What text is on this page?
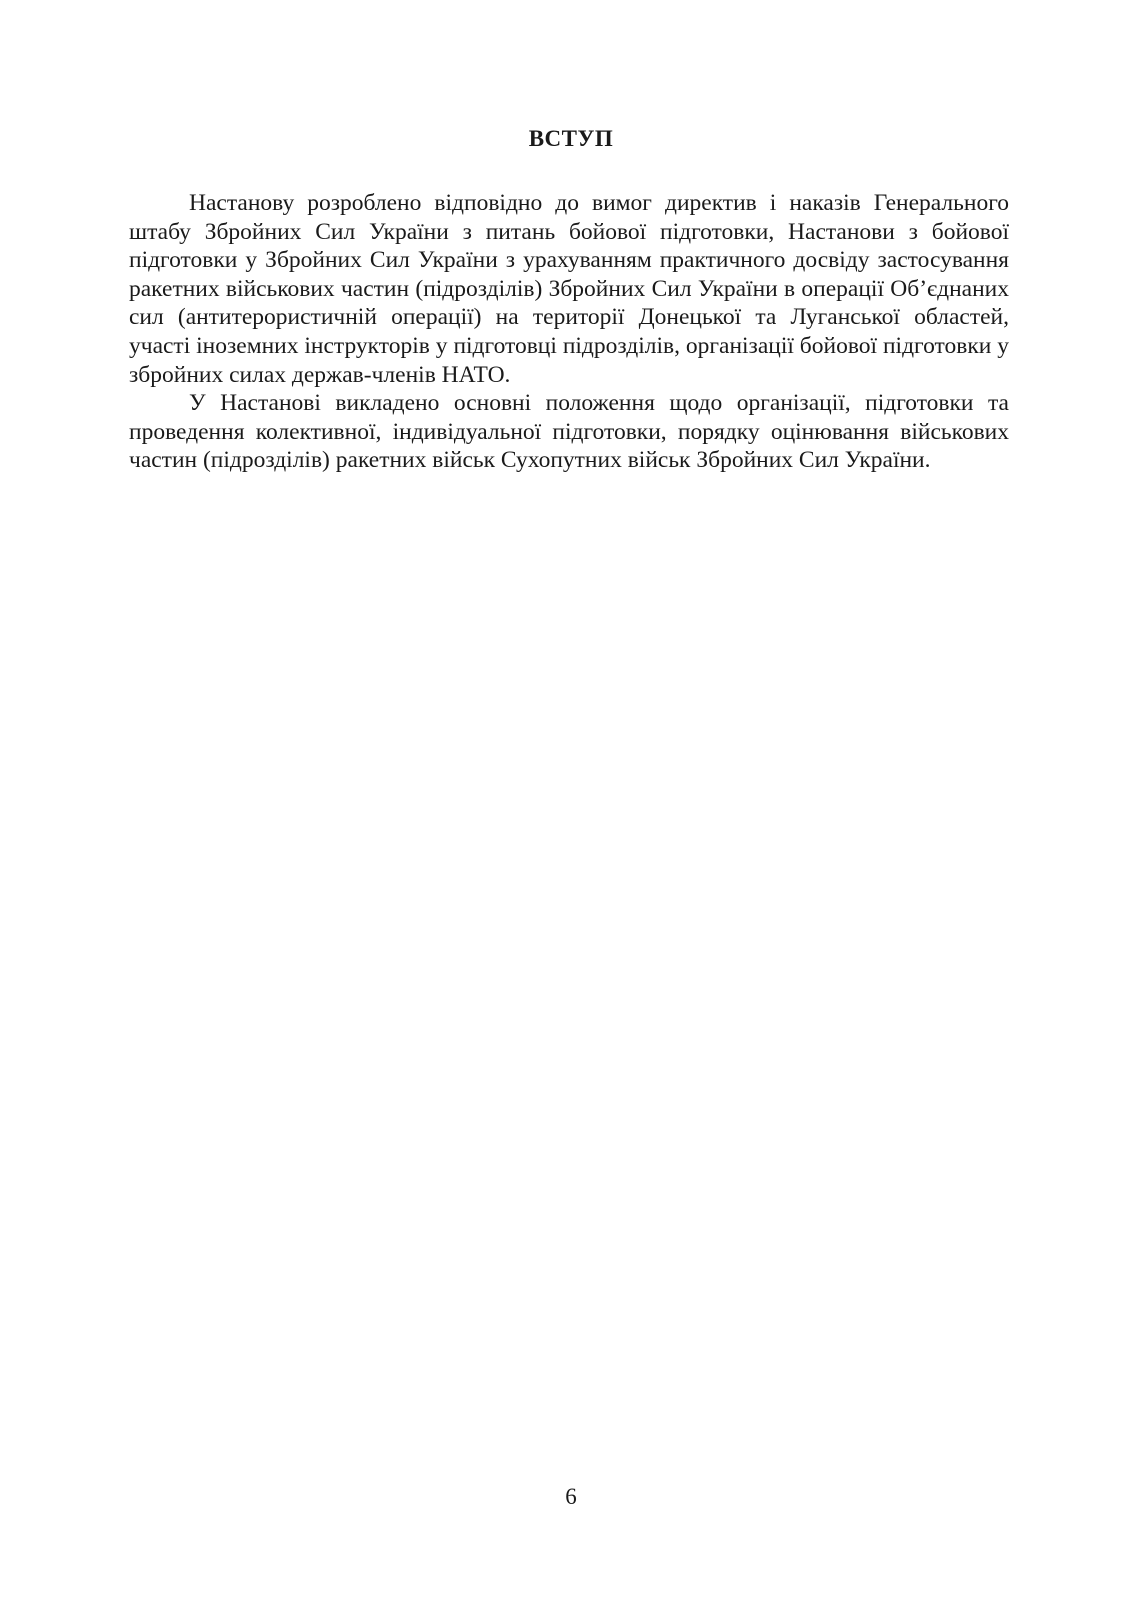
ВСТУП

Настанову розроблено відповідно до вимог директив і наказів Генерального штабу Збройних Сил України з питань бойової підготовки, Настанови з бойової підготовки у Збройних Сил України з урахуванням практичного досвіду застосування ракетних військових частин (підрозділів) Збройних Сил України в операції Об’єднаних сил (антитерористичній операції) на території Донецької та Луганської областей, участі іноземних інструкторів у підготовці підрозділів, організації бойової підготовки у збройних силах держав-членів НАТО.

У Настанові викладено основні положення щодо організації, підготовки та проведення колективної, індивідуальної підготовки, порядку оцінювання військових частин (підрозділів) ракетних військ Сухопутних військ Збройних Сил України.

6
